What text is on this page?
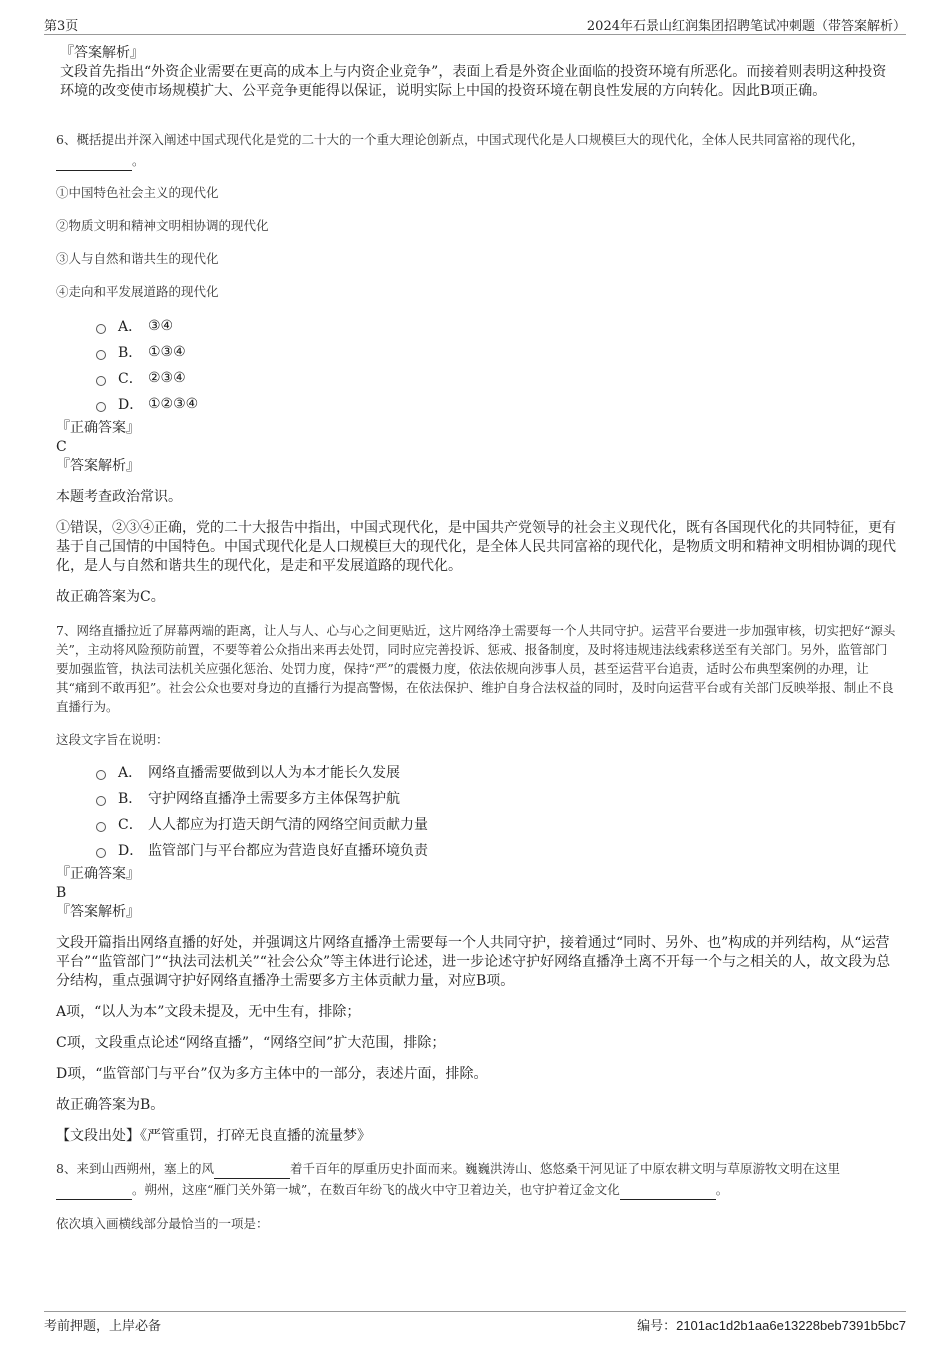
第3页	2024年石景山红润集团招聘笔试冲刺题（带答案解析）

『答案解析』

文段首先指出“外资企业需要在更高的成本上与内资企业竞争”，表面上看是外资企业面临的投资环境有所恶化。而接着则表明这种投资环境的改变使市场规模扩大、公平竞争更能得以保证，说明实际上中国的投资环境在朝良性发展的方向转化。因此B项正确。

6、概括提出并深入阐述中国式现代化是党的二十大的一个重大理论创新点，中国式现代化是人口规模巨大的现代化，全体人民共同富裕的现代化，。

①中国特色社会主义的现代化

②物质文明和精神文明相协调的现代化

③人与自然和谐共生的现代化

④走向和平发展道路的现代化

A． ③④
B． ①③④
C． ②③④
D． ①②③④

『正确答案』

C

『答案解析』

本题考查政治常识。

①错误，②③④正确，党的二十大报告中指出，中国式现代化，是中国共产党领导的社会主义现代化，既有各国现代化的共同特征，更有基于自己国情的中国特色。中国式现代化是人口规模巨大的现代化，是全体人民共同富裕的现代化，是物质文明和精神文明相协调的现代化，是人与自然和谐共生的现代化，是走和平发展道路的现代化。

故正确答案为C。

7、网络直播拉近了屏幕两端的距离，让人与人、心与心之间更贴近，这片网络净土需要每一个人共同守护。运营平台要进一步加强审核，切实把好“源头关”，主动将风险预防前置，不要等着公众指出来再去处罚，同时应完善投诉、惩戒、报备制度，及时将违规违法线索移送至有关部门。另外，监管部门要加强监管，执法司法机关应强化惩治、处罚力度，保持“严”的震慑力度，依法依规向涉事人员，甚至运营平台追责，适时公布典型案例的办理，让其“痛到不敢再犯”。社会公众也要对身边的直播行为提高警惕，在依法保护、维护自身合法权益的同时，及时向运营平台或有关部门反映举报、制止不良直播行为。

这段文字旨在说明：

A． 网络直播需要做到以人为本才能长久发展
B． 守护网络直播净土需要多方主体保驾护航
C． 人人都应为打造天朗气清的网络空间贡献力量
D． 监管部门与平台都应为营造良好直播环境负责

『正确答案』

B

『答案解析』

文段开篇指出网络直播的好处，并强调这片网络直播净土需要每一个人共同守护，接着通过“同时、另外、也”构成的并列结构，从“运营平台”“监管部门”“执法司法机关”“社会公众”等主体进行论述，进一步论述守护好网络直播净土离不开每一个与之相关的人，故文段为总分结构，重点强调守护好网络直播净土需要多方主体贡献力量，对应B项。

A项，“以人为本”文段未提及，无中生有，排除；

C项，文段重点论述“网络直播”，“网络空间”扩大范围，排除；

D项，“监管部门与平台”仅为多方主体中的一部分，表述片面，排除。

故正确答案为B。

【文段出处】《严管重罚，打碎无良直播的流量梦》

8、来到山西朔州，塞上的风	着千百年的厚重历史扑面而来。巍巍洪涛山、悠悠桑干河见证了中原农耕文明与草原游牧文明在这里。朔州，这座“雁门关外第一城”，在数百年纷飞的战火中守卫着边关，也守护着辽金文化	。

依次填入画横线部分最恰当的一项是：

考前押题，上岸必备	编号：2101ac1d2b1aa6e13228beb7391b5bc7
